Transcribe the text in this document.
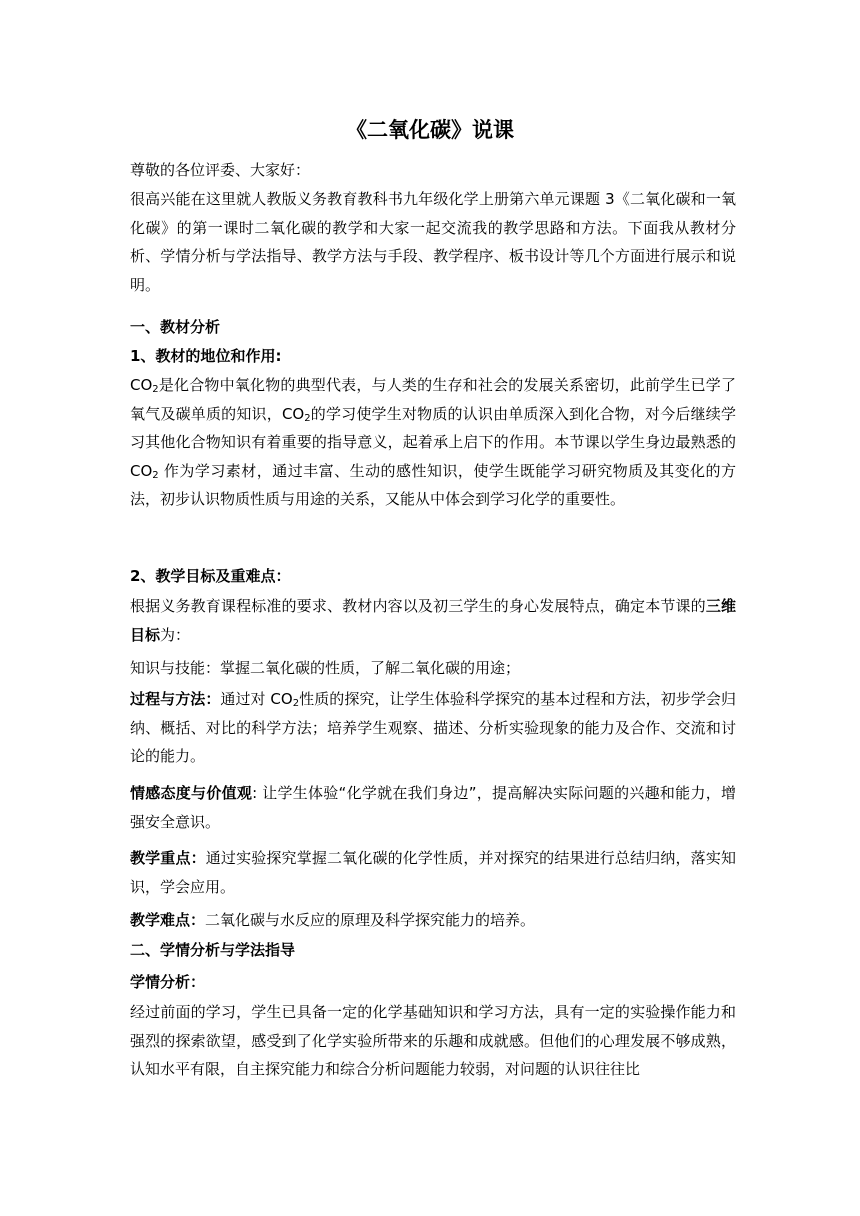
《二氧化碳》说课
尊敬的各位评委、大家好：
很高兴能在这里就人教版义务教育教科书九年级化学上册第六单元课题 3《二氧化碳和一氧化碳》的第一课时二氧化碳的教学和大家一起交流我的教学思路和方法。下面我从教材分析、学情分析与学法指导、教学方法与手段、教学程序、板书设计等几个方面进行展示和说明。
一、教材分析
1、教材的地位和作用:
$CO_2$是化合物中氧化物的典型代表，与人类的生存和社会的发展关系密切，此前学生已学了氧气及碳单质的知识，$CO_2$的学习使学生对物质的认识由单质深入到化合物，对今后继续学习其他化合物知识有着重要的指导意义，起着承上启下的作用。本节课以学生身边最熟悉的 $CO_2$ 作为学习素材，通过丰富、生动的感性知识，使学生既能学习研究物质及其变化的方法，初步认识物质性质与用途的关系，又能从中体会到学习化学的重要性。
2、教学目标及重难点：
根据义务教育课程标准的要求、教材内容以及初三学生的身心发展特点，确定本节课的三维目标为：
知识与技能：掌握二氧化碳的性质，了解二氧化碳的用途；
过程与方法：通过对 $CO_2$性质的探究，让学生体验科学探究的基本过程和方法，初步学会归纳、概括、对比的科学方法；培养学生观察、描述、分析实验现象的能力及合作、交流和讨论的能力。
情感态度与价值观: 让学生体验“化学就在我们身边”，提高解决实际问题的兴趣和能力，增强安全意识。
教学重点：通过实验探究掌握二氧化碳的化学性质，并对探究的结果进行总结归纳，落实知识，学会应用。
教学难点：二氧化碳与水反应的原理及科学探究能力的培养。
二、学情分析与学法指导
学情分析：
经过前面的学习，学生已具备一定的化学基础知识和学习方法，具有一定的实验操作能力和强烈的探索欲望，感受到了化学实验所带来的乐趣和成就感。但他们的心理发展不够成熟，认知水平有限，自主探究能力和综合分析问题能力较弱，对问题的认识往往比
